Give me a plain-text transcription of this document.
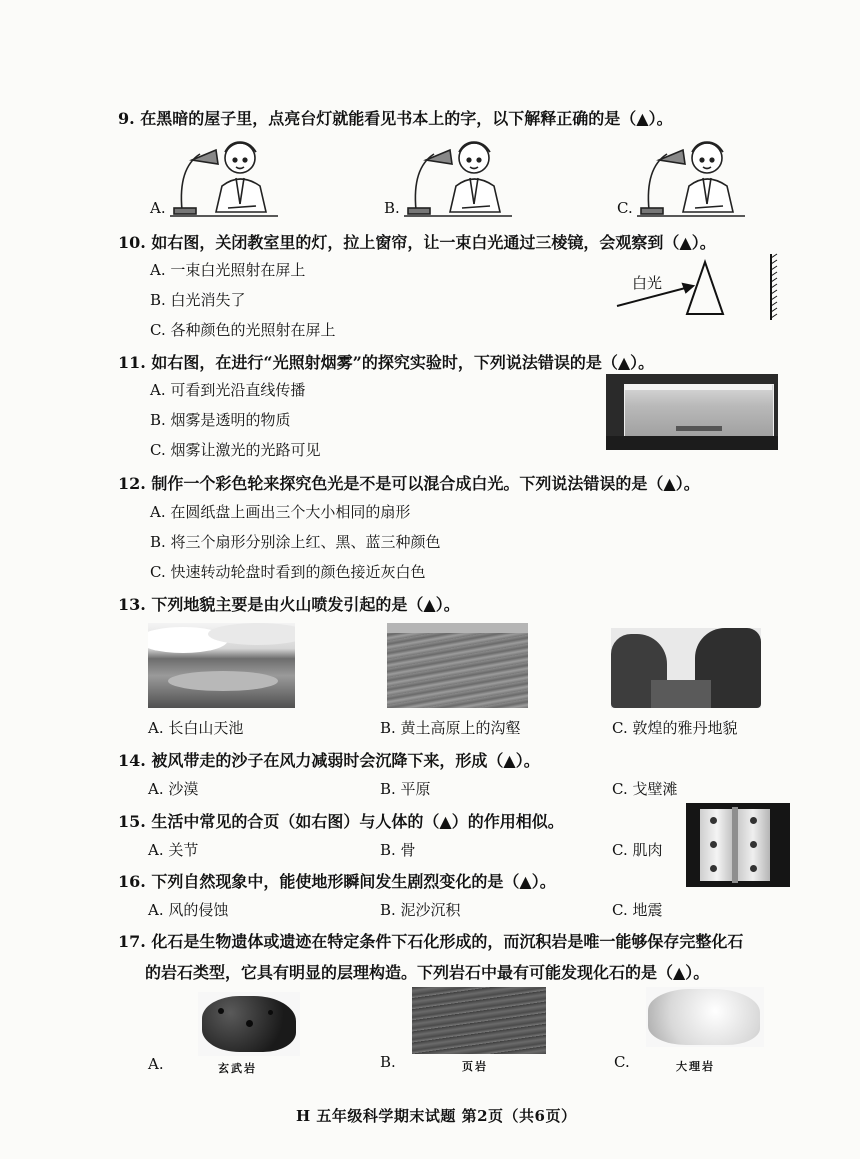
9. 在黑暗的屋子里，点亮台灯就能看见书本上的字，以下解释正确的是（▲）。
A.	B.	C.
10. 如右图，关闭教室里的灯，拉上窗帘，让一束白光通过三棱镜，会观察到（▲）。
A. 一束白光照射在屏上
B. 白光消失了
C. 各种颜色的光照射在屏上
白光
11. 如右图，在进行“光照射烟雾”的探究实验时，下列说法错误的是（▲）。
A. 可看到光沿直线传播
B. 烟雾是透明的物质
C. 烟雾让激光的光路可见
12. 制作一个彩色轮来探究色光是不是可以混合成白光。下列说法错误的是（▲）。
A. 在圆纸盘上画出三个大小相同的扇形
B. 将三个扇形分别涂上红、黑、蓝三种颜色
C. 快速转动轮盘时看到的颜色接近灰白色
13. 下列地貌主要是由火山喷发引起的是（▲）。
A. 长白山天池	B. 黄土高原上的沟壑	C. 敦煌的雅丹地貌
14. 被风带走的沙子在风力减弱时会沉降下来，形成（▲）。
A. 沙漠	B. 平原	C. 戈壁滩
15. 生活中常见的合页（如右图）与人体的（▲）的作用相似。
A. 关节	B. 骨	C. 肌肉
16. 下列自然现象中，能使地形瞬间发生剧烈变化的是（▲）。
A. 风的侵蚀	B. 泥沙沉积	C. 地震
17. 化石是生物遗体或遗迹在特定条件下石化形成的，而沉积岩是唯一能够保存完整化石
的岩石类型，它具有明显的层理构造。下列岩石中最有可能发现化石的是（▲）。
A.	B.	C.
玄武岩	页岩	大理岩
H 五年级科学期末试题 第2页（共6页）
